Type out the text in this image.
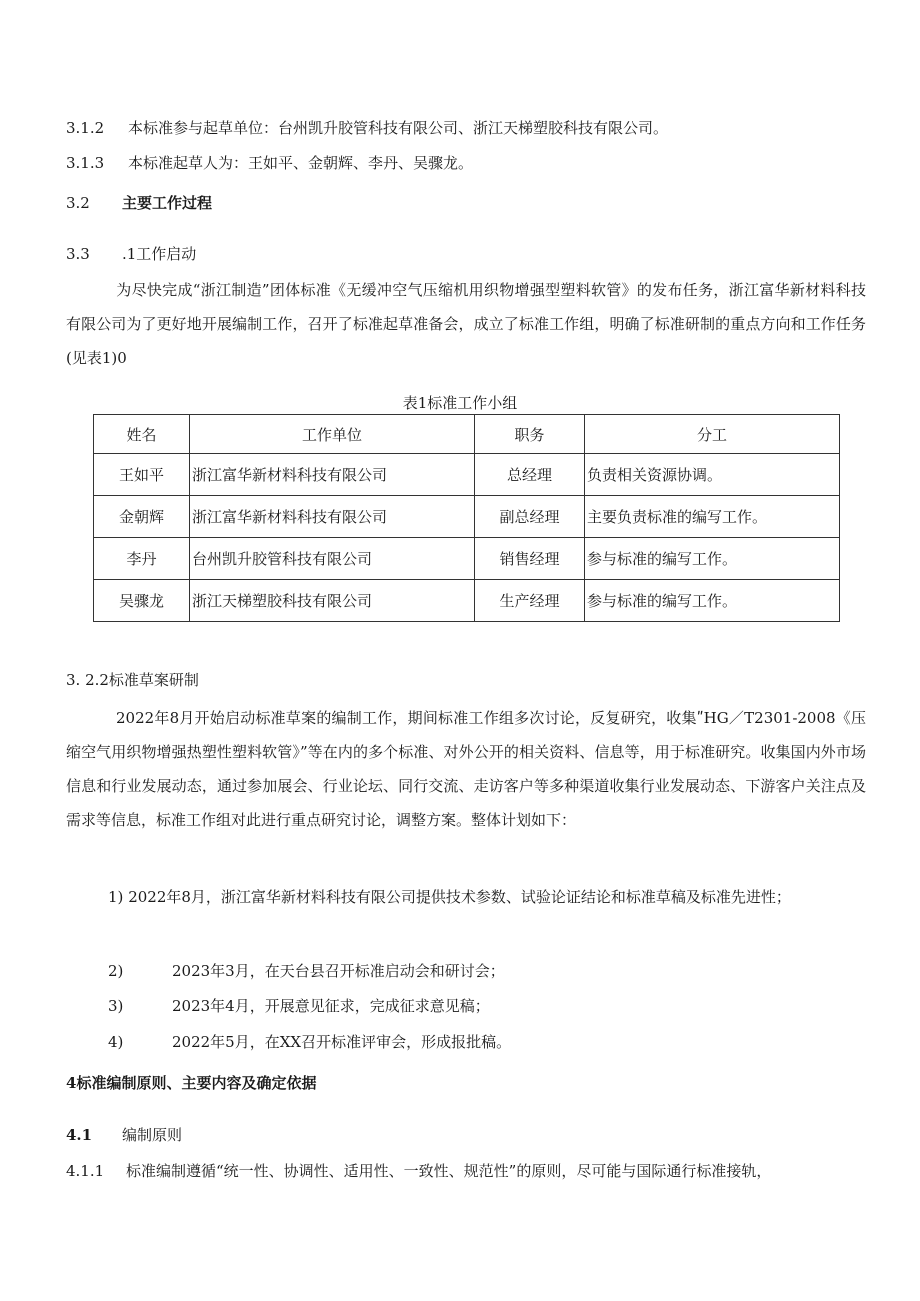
3.1.2 本标准参与起草单位：台州凯升胶管科技有限公司、浙江天梯塑胶科技有限公司。
3.1.3 本标准起草人为：王如平、金朝辉、李丹、吴骤龙。
3.2 主要工作过程
3.3 .1工作启动
为尽快完成“浙江制造”团体标准《无缓冲空气压缩机用织物增强型塑料软管》的发布任务，浙江富华新材料科技有限公司为了更好地开展编制工作，召开了标准起草准备会，成立了标准工作组，明确了标准研制的重点方向和工作任务(见表1)0
表1标准工作小组
姓名	工作单位	职务	分工
王如平	浙江富华新材料科技有限公司	总经理	负责相关资源协调。
金朝辉	浙江富华新材料科技有限公司	副总经理	主要负责标准的编写工作。
李丹	台州凯升胶管科技有限公司	销售经理	参与标准的编写工作。
吴骤龙	浙江天梯塑胶科技有限公司	生产经理	参与标准的编写工作。
3. 2.2标准草案研制
2022年8月开始启动标准草案的编制工作，期间标准工作组多次讨论，反复研究，收集ʺHG／T2301-2008《压缩空气用织物增强热塑性塑料软管》”等在内的多个标准、对外公开的相关资料、信息等，用于标准研究。收集国内外市场信息和行业发展动态，通过参加展会、行业论坛、同行交流、走访客户等多种渠道收集行业发展动态、下游客户关注点及需求等信息，标准工作组对此进行重点研究讨论，调整方案。整体计划如下：
1) 2022年8月，浙江富华新材料科技有限公司提供技术参数、试验论证结论和标准草稿及标准先进性；
2)	2023年3月，在天台县召开标准启动会和研讨会；
3)	2023年4月，开展意见征求，完成征求意见稿；
4)	2022年5月，在XX召开标准评审会，形成报批稿。
4标准编制原则、主要内容及确定依据
4.1 编制原则
4.1.1 标准编制遵循“统一性、协调性、适用性、一致性、规范性”的原则，尽可能与国际通行标准接轨，
